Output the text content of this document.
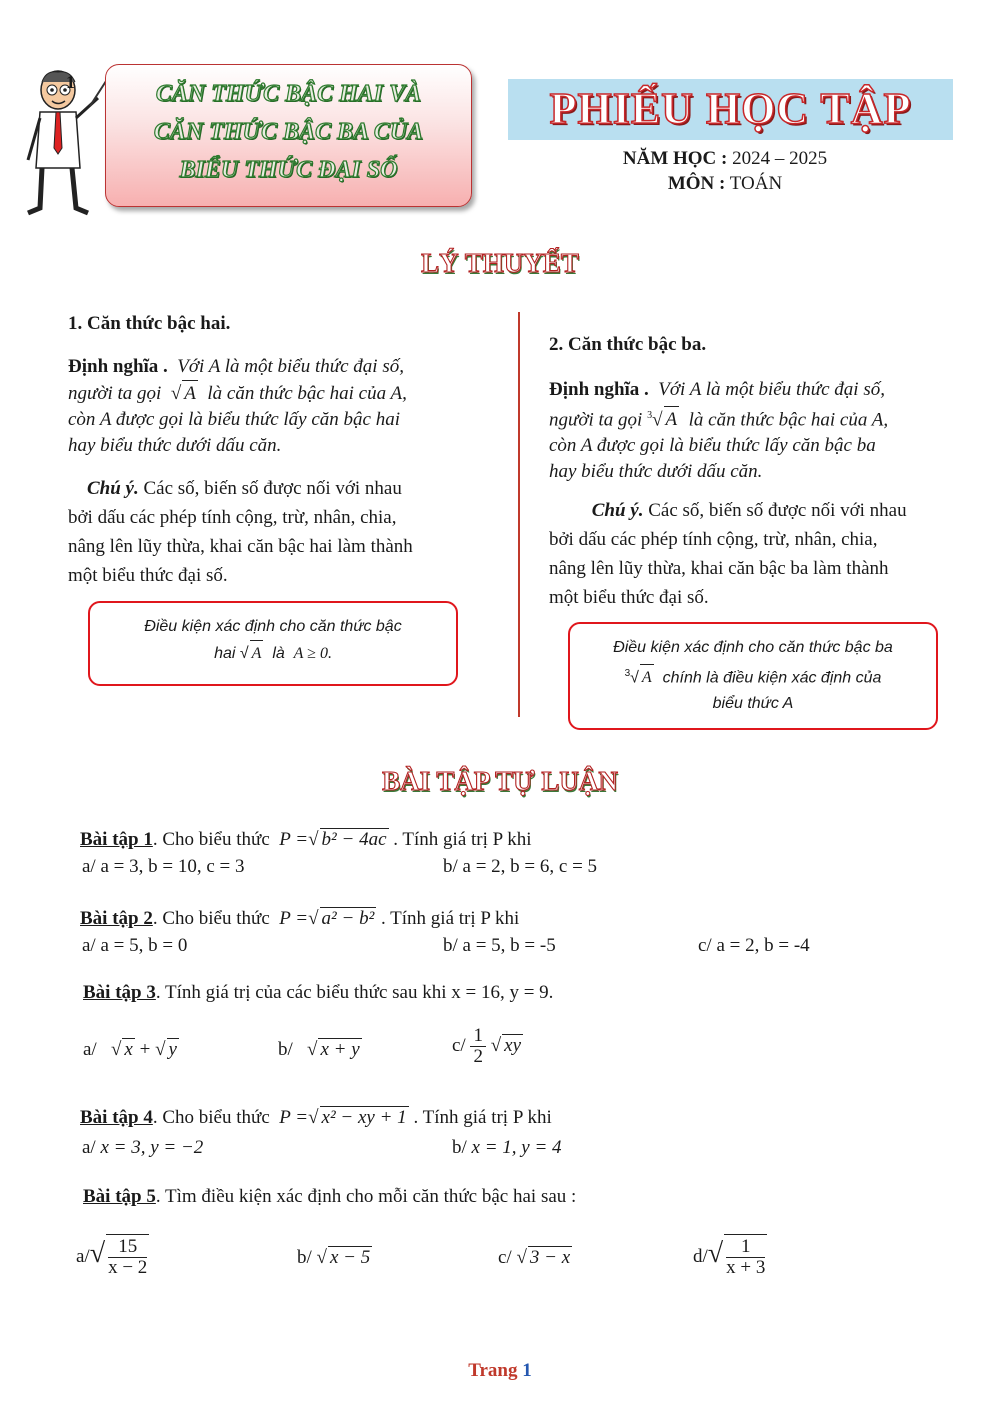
1	CĂN THỨC BẬC HAI VÀ
CĂN THỨC BẬC BA CỦA
BIỂU THỨC ĐẠI SỐ
PHIẾU HỌC TẬP
NĂM HỌC : 2024 – 2025
MÔN : TOÁN
LÝ THUYẾT
1. Căn thức bậc hai.
Định nghĩa . Với A là một biểu thức đại số,
người ta gọi √ A là căn thức bậc hai của A,
còn A được gọi là biểu thức lấy căn bậc hai
hay biểu thức dưới dấu căn.
Chú ý. Các số, biến số được nối với nhau
bởi dấu các phép tính cộng, trừ, nhân, chia,
nâng lên lũy thừa, khai căn bậc hai làm thành
một biểu thức đại số.
Điều kiện xác định cho căn thức bậc
hai √ A là A ≥ 0.
2. Căn thức bậc ba.
Định nghĩa . Với A là một biểu thức đại số,
người ta gọi $^3$√ A là căn thức bậc hai của A,
còn A được gọi là biểu thức lấy căn bậc ba
hay biểu thức dưới dấu căn.
Chú ý. Các số, biến số được nối với nhau
bởi dấu các phép tính cộng, trừ, nhân, chia,
nâng lên lũy thừa, khai căn bậc ba làm thành
một biểu thức đại số.
Điều kiện xác định cho căn thức bậc ba
$^3$√ A chính là điều kiện xác định của
biểu thức A
BÀI TẬP TỰ LUẬN
Bài tập 1. Cho biểu thức P =√ b² − 4ac . Tính giá trị P khi
a/ a = 3, b = 10, c = 3	b/ a = 2, b = 6, c = 5
Bài tập 2. Cho biểu thức P =√ a² − b² . Tính giá trị P khi
a/ a = 5, b = 0	b/ a = 5, b = -5	c/ a = 2, b = -4
Bài tập 3. Tính giá trị của các biểu thức sau khi x = 16, y = 9.
a/ √ x + √ y	b/ √ x + y	$c/ \frac{1}{2}$ √ xy
Bài tập 4. Cho biểu thức P =√ x² − xy + 1 . Tính giá trị P khi
a/ x = 3, y = −2	b/ x = 1, y = 4
Bài tập 5. Tìm điều kiện xác định cho mỗi căn thức bậc hai sau :
$a/√ \frac{15}{x - 2}$	b/ √ x − 5	c/ √ 3 − x	$d/√ \frac{1}{x + 3}$
Trang 1
